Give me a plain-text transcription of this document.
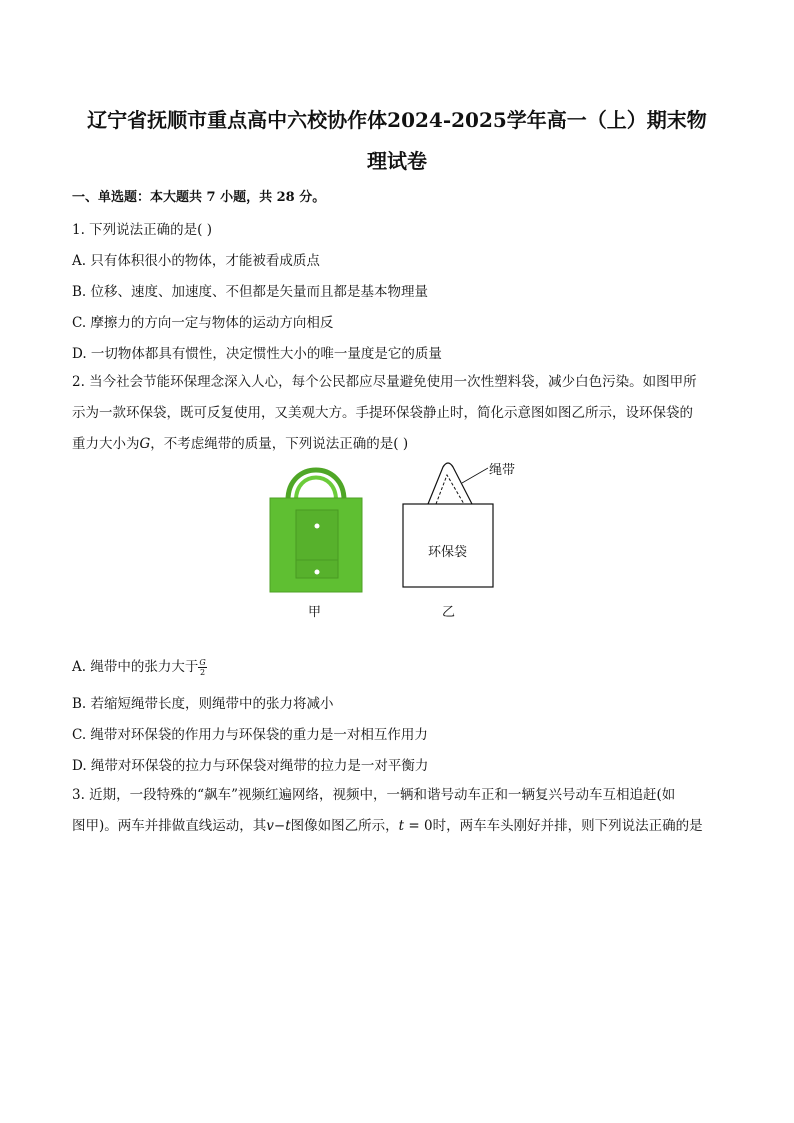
辽宁省抚顺市重点高中六校协作体2024-2025学年高一（上）期末物
理试卷
一、单选题：本大题共 7 小题，共 28 分。
1. 下列说法正确的是( )
A. 只有体积很小的物体，才能被看成质点
B. 位移、速度、加速度、不但都是矢量而且都是基本物理量
C. 摩擦力的方向一定与物体的运动方向相反
D. 一切物体都具有惯性，决定惯性大小的唯一量度是它的质量
2. 当今社会节能环保理念深入人心，每个公民都应尽量避免使用一次性塑料袋，减少白色污染。如图甲所
示为一款环保袋，既可反复使用，又美观大方。手提环保袋静止时，简化示意图如图乙所示，设环保袋的
重力大小为G，不考虑绳带的质量，下列说法正确的是( )
绳带
环保袋
甲	乙
A. 绳带中的张力大于 $\frac{G}{2}$
B. 若缩短绳带长度，则绳带中的张力将减小
C. 绳带对环保袋的作用力与环保袋的重力是一对相互作用力
D. 绳带对环保袋的拉力与环保袋对绳带的拉力是一对平衡力
3. 近期，一段特殊的“飙车”视频红遍网络，视频中，一辆和谐号动车正和一辆复兴号动车互相追赶(如
图甲)。两车并排做直线运动，其v−t图像如图乙所示，t = 0时，两车车头刚好并排，则下列说法正确的是
